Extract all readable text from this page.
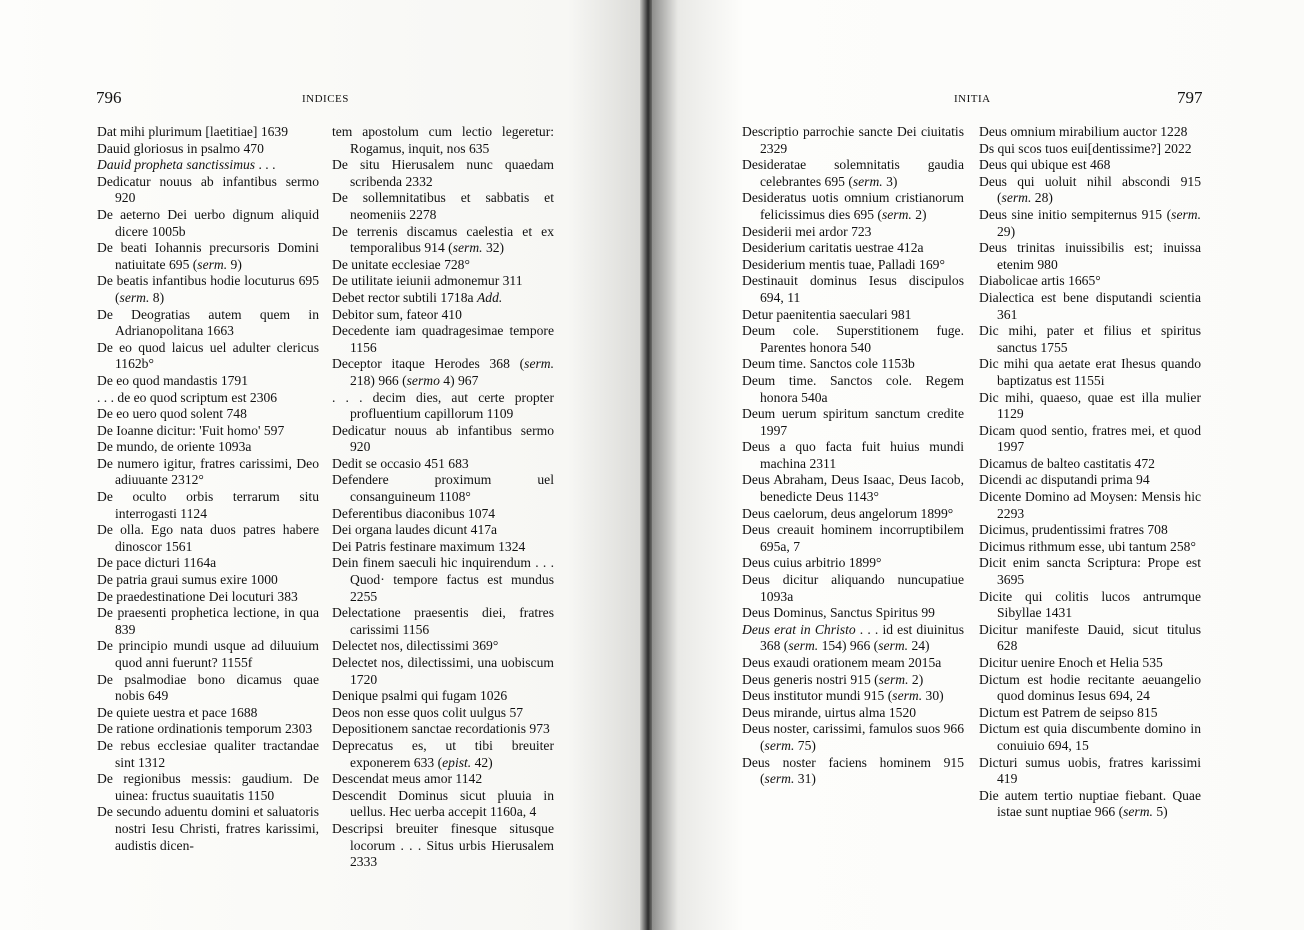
796	INDICES

Dat mihi plurimum [laetitiae] 1639

Dauid gloriosus in psalmo 470

Dauid prophetа sanctissimus . . .

Dedicatur nouus ab infantibus sermo 920

De aeterno Dei uerbo dignum aliquid dicere 1005b

De beati Iohannis precursoris Domini natiuitate 695 (serm. 9)

De beatis infantibus hodie locuturus 695 (serm. 8)

De Deogratias autem quem in Adrianopolitana 1663

De eo quod laicus uel adulter clericus 1162b°

De eo quod mandastis 1791

. . . de eo quod scriptum est 2306

De eo uero quod solent 748

De Ioanne dicitur: 'Fuit homo' 597

De mundo, de oriente 1093a

De numero igitur, fratres carissimi, Deo adiuuante 2312°

De oculto orbis terrarum situ interrogasti 1124

De olla. Ego nata duos patres habere dinoscor 1561

De pace dicturi 1164a

De patria graui sumus exire 1000

De praedestinatione Dei locuturi 383

De praesenti prophetica lectione, in qua 839

De principio mundi usque ad diluuium quod anni fuerunt? 1155f

De psalmodiae bono dicamus quae nobis 649

De quiete uestra et pace 1688

De ratione ordinationis temporum 2303

De rebus ecclesiae qualiter tractandae sint 1312

De regionibus messis: gaudium. De uinea: fructus suauitatis 1150

De secundo aduentu domini et saluatoris nostri Iesu Christi, fratres karissimi, audistis dicen-

tem apostolum cum lectio legeretur: Rogamus, inquit, nos 635

De situ Hierusalem nunc quaedam scribenda 2332

De sollemnitatibus et sabbatis et neomeniis 2278

De terrenis discamus caelestia et ex temporalibus 914 (serm. 32)

De unitate ecclesiae 728°

De utilitate ieiunii admonemur 311

Debet rector subtili 1718a Add.

Debitor sum, fateor 410

Decedente iam quadragesimae tempore 1156

Deceptor itaque Herodes 368 (serm. 218) 966 (sermo 4) 967

. . . decim dies, aut certe propter profluentium capillorum 1109

Dedicatur nouus ab infantibus sermo 920

Dedit se occasio 451 683

Defendere proximum uel consanguineum 1108°

Deferentibus diaconibus 1074

Dei organa laudes dicunt 417a

Dei Patris festinare maximum 1324

Dein finem saeculi hic inquirendum . . . Quod· tempore factus est mundus 2255

Delectatione praesentis diei, fratres carissimi 1156

Delectet nos, dilectissimi 369°

Delectet nos, dilectissimi, una uobiscum 1720

Denique psalmi qui fugam 1026

Deos non esse quos colit uulgus 57

Depositionem sanctae recordationis 973

Deprecatus es, ut tibi breuiter exponerem 633 (epist. 42)

Descendat meus amor 1142

Descendit Dominus sicut pluuia in uellus. Hec uerba accepit 1160a, 4

Descripsi breuiter finesque situsque locorum . . . Situs urbis Hierusalem 2333

797
INITIA

Descriptio parrochie sancte Dei ciuitatis 2329

Desideratae solemnitatis gaudia celebrantes 695 (serm. 3)

Desideratus uotis omnium cristianorum felicissimus dies 695 (serm. 2)

Desiderii mei ardor 723

Desiderium caritatis uestrae 412a

Desiderium mentis tuae, Palladi 169°

Destinauit dominus Iesus discipulos 694, 11

Detur paenitentia saeculari 981

Deum cole. Superstitionem fuge. Parentes honora 540

Deum time. Sanctos cole 1153b

Deum time. Sanctos cole. Regem honora 540a

Deum uerum spiritum sanctum credite 1997

Deus a quo facta fuit huius mundi machina 2311

Deus Abraham, Deus Isaac, Deus Iacob, benedicte Deus 1143°

Deus caelorum, deus angelorum 1899°

Deus creauit hominem incorruptibilem 695a, 7

Deus cuius arbitrio 1899°

Deus dicitur aliquando nuncupatiue 1093a

Deus Dominus, Sanctus Spiritus 99

Deus erat in Christo . . . id est diuinitus 368 (serm. 154) 966 (serm. 24)

Deus exaudi orationem meam 2015a

Deus generis nostri 915 (serm. 2)

Deus institutor mundi 915 (serm. 30)

Deus mirande, uirtus alma 1520

Deus noster, carissimi, famulos suos 966 (serm. 75)

Deus noster faciens hominem 915 (serm. 31)

Deus omnium mirabilium auctor 1228

Ds qui scos tuos eui[dentissime?] 2022

Deus qui ubique est 468

Deus qui uoluit nihil abscondi 915 (serm. 28)

Deus sine initio sempiternus 915 (serm. 29)

Deus trinitas inuissibilis est; inuissa etenim 980

Diabolicae artis 1665°

Dialectica est bene disputandi scientia 361

Dic mihi, pater et filius et spiritus sanctus 1755

Dic mihi qua aetate erat Ihesus quando baptizatus est 1155i

Dic mihi, quaeso, quae est illa mulier 1129

Dicam quod sentio, fratres mei, et quod 1997

Dicamus de balteo castitatis 472

Dicendi ac disputandi prima 94

Dicente Domino ad Moysen: Mensis hic 2293

Dicimus, prudentissimi fratres 708

Dicimus rithmum esse, ubi tantum 258°

Dicit enim sancta Scriptura: Prope est 3695

Dicite qui colitis lucos antrumque Sibyllae 1431

Dicitur manifeste Dauid, sicut titulus 628

Dicitur uenire Enoch et Helia 535

Dictum est hodie recitante aeuangelio quod dominus Iesus 694, 24

Dictum est Patrem de seipso 815

Dictum est quia discumbente domino in conuiuio 694, 15

Dicturi sumus uobis, fratres karissimi 419

Die autem tertio nuptiae fiebant. Quae istae sunt nuptiae 966 (serm. 5)
